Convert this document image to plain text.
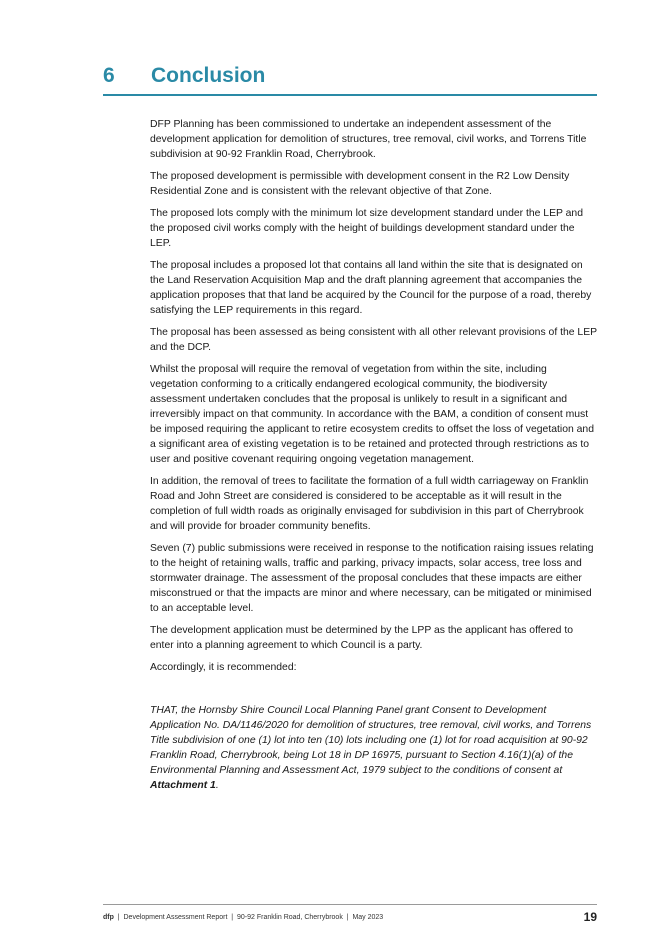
6 Conclusion

DFP Planning has been commissioned to undertake an independent assessment of the development application for demolition of structures, tree removal, civil works, and Torrens Title subdivision at 90-92 Franklin Road, Cherrybrook.

The proposed development is permissible with development consent in the R2 Low Density Residential Zone and is consistent with the relevant objective of that Zone.

The proposed lots comply with the minimum lot size development standard under the LEP and the proposed civil works comply with the height of buildings development standard under the LEP.

The proposal includes a proposed lot that contains all land within the site that is designated on the Land Reservation Acquisition Map and the draft planning agreement that accompanies the application proposes that that land be acquired by the Council for the purpose of a road, thereby satisfying the LEP requirements in this regard.

The proposal has been assessed as being consistent with all other relevant provisions of the LEP and the DCP.

Whilst the proposal will require the removal of vegetation from within the site, including vegetation conforming to a critically endangered ecological community, the biodiversity assessment undertaken concludes that the proposal is unlikely to result in a significant and irreversibly impact on that community. In accordance with the BAM, a condition of consent must be imposed requiring the applicant to retire ecosystem credits to offset the loss of vegetation and a significant area of existing vegetation is to be retained and protected through restrictions as to user and positive covenant requiring ongoing vegetation management.

In addition, the removal of trees to facilitate the formation of a full width carriageway on Franklin Road and John Street are considered is considered to be acceptable as it will result in the completion of full width roads as originally envisaged for subdivision in this part of Cherrybrook and will provide for broader community benefits.

Seven (7) public submissions were received in response to the notification raising issues relating to the height of retaining walls, traffic and parking, privacy impacts, solar access, tree loss and stormwater drainage. The assessment of the proposal concludes that these impacts are either misconstrued or that the impacts are minor and where necessary, can be mitigated or minimised to an acceptable level.

The development application must be determined by the LPP as the applicant has offered to enter into a planning agreement to which Council is a party.

Accordingly, it is recommended:

THAT, the Hornsby Shire Council Local Planning Panel grant Consent to Development Application No. DA/1146/2020 for demolition of structures, tree removal, civil works, and Torrens Title subdivision of one (1) lot into ten (10) lots including one (1) lot for road acquisition at 90-92 Franklin Road, Cherrybrook, being Lot 18 in DP 16975, pursuant to Section 4.16(1)(a) of the Environmental Planning and Assessment Act, 1979 subject to the conditions of consent at Attachment 1.

dfp  |  Development Assessment Report  |  90-92 Franklin Road, Cherrybrook  |  May 2023	19
